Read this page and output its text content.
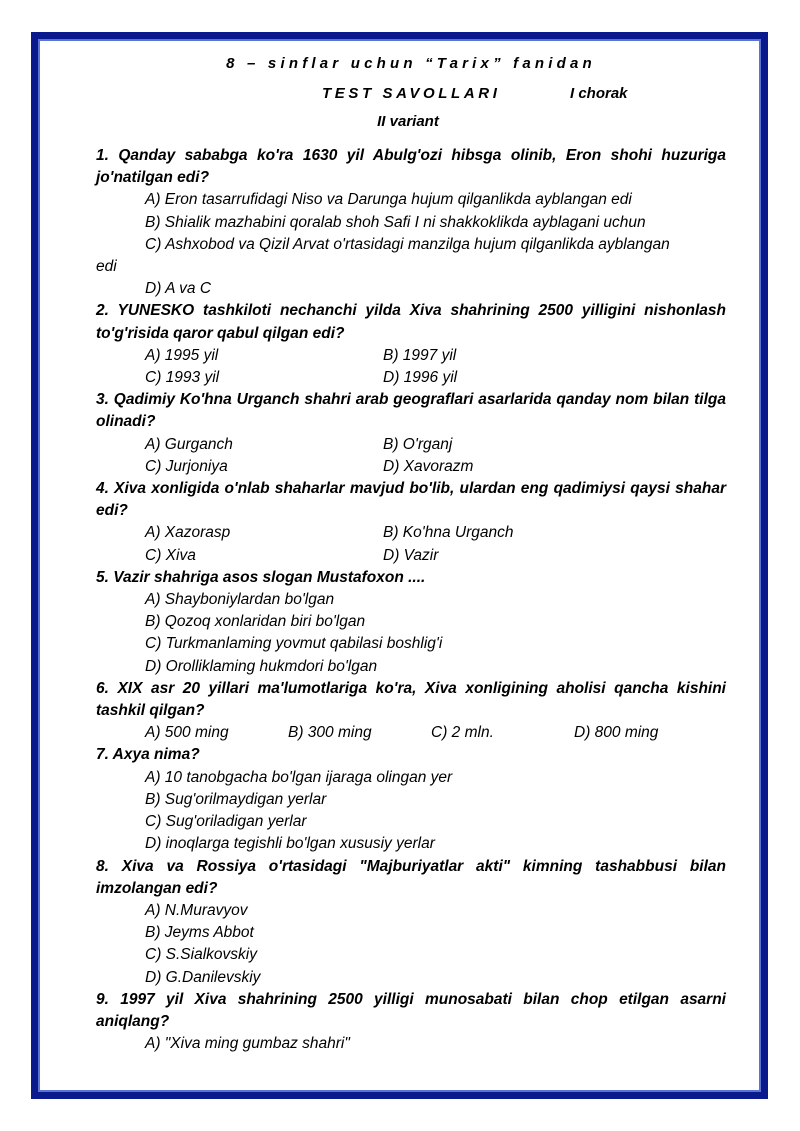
8 – sinflar uchun “Tarix” fanidan
TEST SAVOLLARI	I chorak
II variant
1. Qanday sababga ko'ra 1630 yil Abulg'ozi hibsga olinib, Eron shohi huzuriga jo'natilgan edi?
A) Eron tasarrufidagi Niso va Darunga hujum qilganlikda ayblangan edi
B) Shialik mazhabini qoralab shoh Safi I ni shakkoklikda ayblagani uchun
C) Ashxobod va Qizil Arvat o'rtasidagi manzilga hujum qilganlikda ayblangan
edi
D) A va C
2. YUNESKO tashkiloti nechanchi yilda Xiva shahrining 2500 yilligini nishonlash to'g'risida qaror qabul qilgan edi?
A) 1995 yil	B) 1997 yil
C) 1993 yil	D) 1996 yil
3. Qadimiy Ko'hna Urganch shahri arab geograflari asarlarida qanday nom bilan tilga olinadi?
A) Gurganch	B) O'rganj
C) Jurjoniya	D) Xavorazm
4. Xiva xonligida o'nlab shaharlar mavjud bo'lib, ulardan eng qadimiysi qaysi shahar edi?
A) Xazorasp	B) Ko'hna Urganch
C) Xiva	D) Vazir
5. Vazir shahriga asos slogan Mustafoxon ....
A) Shayboniylardan bo'lgan
B) Qozoq xonlaridan biri bo'lgan
C) Turkmanlaming yovmut qabilasi boshlig'i
D) Orolliklaming hukmdori bo'lgan
6. XIX asr 20 yillari ma'lumotlariga ko'ra, Xiva xonligining aholisi qancha kishini tashkil qilgan?
A) 500 ming	B) 300 ming	C) 2 mln.	D) 800 ming
7. Axya nima?
A) 10 tanobgacha bo'lgan ijaraga olingan yer
B) Sug'orilmaydigan yerlar
C) Sug'oriladigan yerlar
D) inoqlarga tegishli bo'lgan xususiy yerlar
8. Xiva va Rossiya o'rtasidagi "Majburiyatlar akti" kimning tashabbusi bilan imzolangan edi?
A) N.Muravyov
B) Jeyms Abbot
C) S.Sialkovskiy
D) G.Danilevskiy
9. 1997 yil Xiva shahrining 2500 yilligi munosabati bilan chop etilgan asarni aniqlang?
A) "Xiva ming gumbaz shahri"
